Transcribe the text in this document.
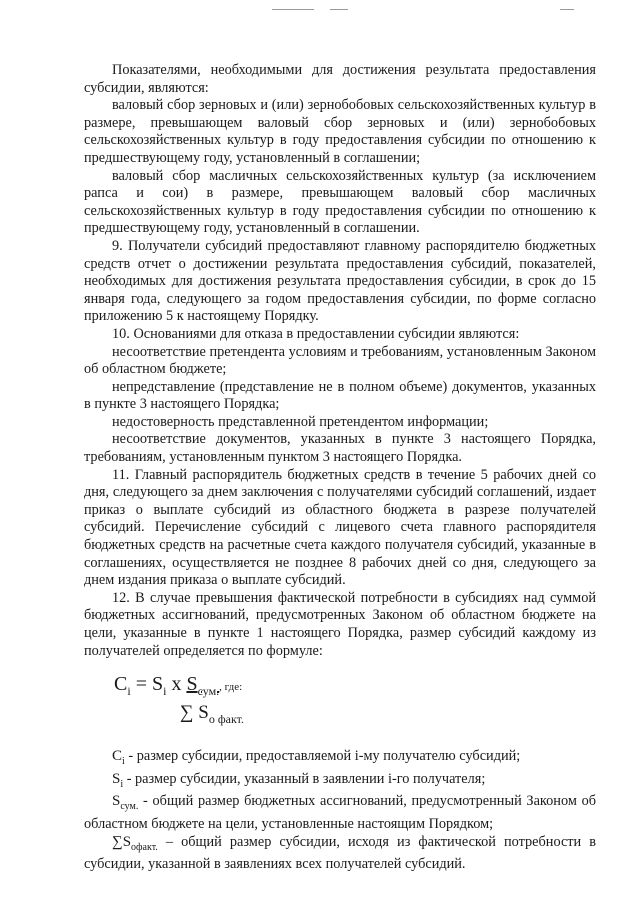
Показателями, необходимыми для достижения результата предоставления субсидии, являются:

валовый сбор зерновых и (или) зернобобовых сельскохозяйственных культур в размере, превышающем валовый сбор зерновых и (или) зернобобовых сельскохозяйственных культур в году предоставления субсидии по отношению к предшествующему году, установленный в соглашении;

валовый сбор масличных сельскохозяйственных культур (за исключением рапса и сои) в размере, превышающем валовый сбор масличных сельскохозяйственных культур в году предоставления субсидии по отношению к предшествующему году, установленный в соглашении.

9. Получатели субсидий предоставляют главному распорядителю бюджетных средств отчет о достижении результата предоставления субсидий, показателей, необходимых для достижения результата предоставления субсидии, в срок до 15 января года, следующего за годом предоставления субсидии, по форме согласно приложению 5 к настоящему Порядку.

10. Основаниями для отказа в предоставлении субсидии являются:

несоответствие претендента условиям и требованиям, установленным Законом об областном бюджете;

непредставление (представление не в полном объеме) документов, указанных в пункте 3 настоящего Порядка;

недостоверность представленной претендентом информации;

несоответствие документов, указанных в пункте 3 настоящего Порядка, требованиям, установленным пунктом 3 настоящего Порядка.

11. Главный распорядитель бюджетных средств в течение 5 рабочих дней со дня, следующего за днем заключения с получателями субсидий соглашений, издает приказ о выплате субсидий из областного бюджета в разрезе получателей субсидий. Перечисление субсидий с лицевого счета главного распорядителя бюджетных средств на расчетные счета каждого получателя субсидий, указанные в соглашениях, осуществляется не позднее 8 рабочих дней со дня, следующего за днем издания приказа о выплате субсидий.

12. В случае превышения фактической потребности в субсидиях над суммой бюджетных ассигнований, предусмотренных Законом об областном бюджете на цели, указанные в пункте 1 настоящего Порядка, размер субсидий каждому из получателей определяется по формуле:

$C_i = S_i$ x $S_{сум.}$, где:
∑ $S_{о факт.}$

$C_i$ - размер субсидии, предоставляемой i-му получателю субсидий;

$S_i$ - размер субсидии, указанный в заявлении i-го получателя;

$S_{сум.}$ - общий размер бюджетных ассигнований, предусмотренный Законом об областном бюджете на цели, установленные настоящим Порядком;

$\sum S_{офакт.}$ – общий размер субсидии, исходя из фактической потребности в субсидии, указанной в заявлениях всех получателей субсидий.
